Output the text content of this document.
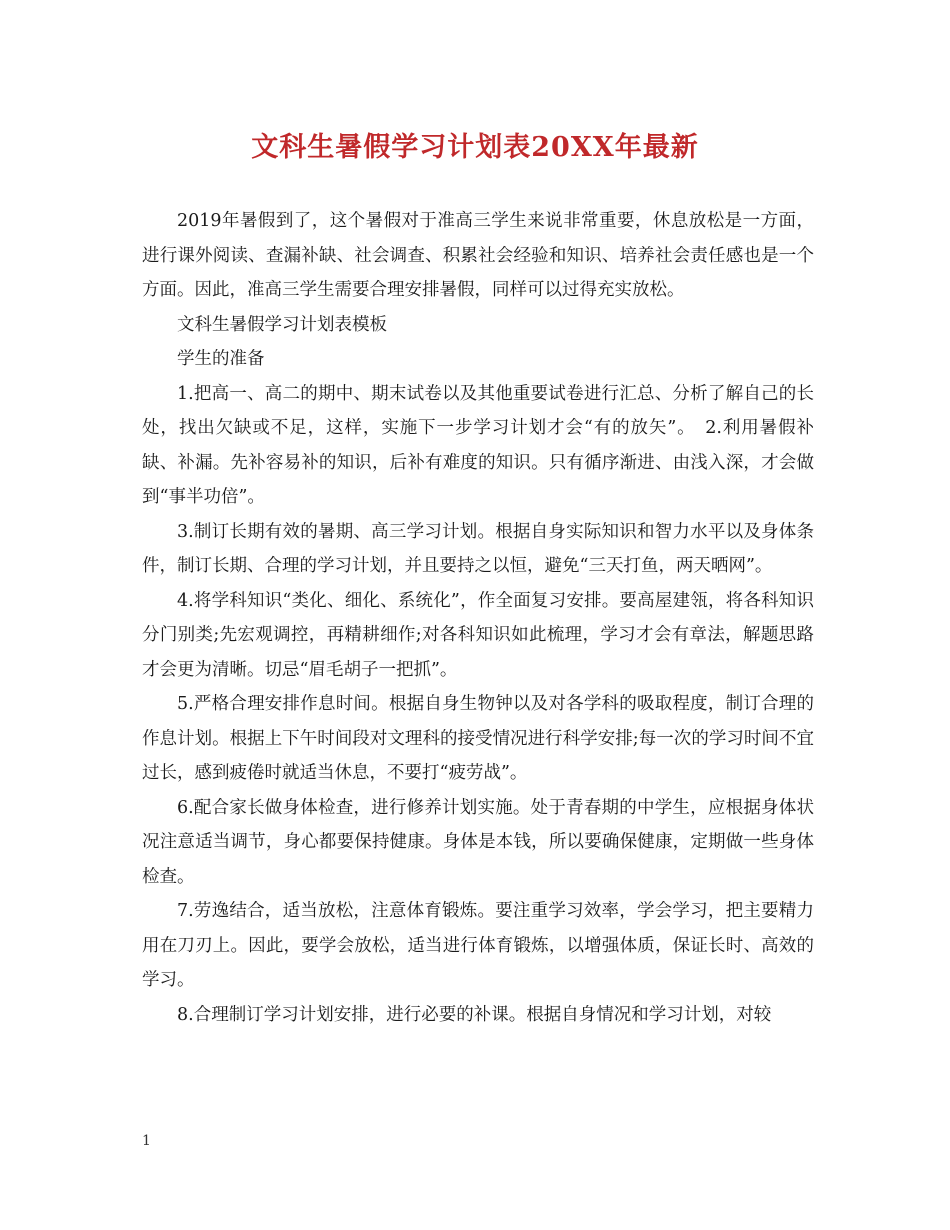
文科生暑假学习计划表20XX年最新

2019年暑假到了，这个暑假对于准高三学生来说非常重要，休息放松是一方面，进行课外阅读、查漏补缺、社会调查、积累社会经验和知识、培养社会责任感也是一个方面。因此，准高三学生需要合理安排暑假，同样可以过得充实放松。

文科生暑假学习计划表模板

学生的准备

1.把高一、高二的期中、期末试卷以及其他重要试卷进行汇总、分析了解自己的长处，找出欠缺或不足，这样，实施下一步学习计划才会“有的放矢”。　2.利用暑假补缺、补漏。先补容易补的知识，后补有难度的知识。只有循序渐进、由浅入深，才会做到“事半功倍”。

3.制订长期有效的暑期、高三学习计划。根据自身实际知识和智力水平以及身体条件，制订长期、合理的学习计划，并且要持之以恒，避免“三天打鱼，两天晒网”。

4.将学科知识“类化、细化、系统化”，作全面复习安排。要高屋建瓴，将各科知识分门别类;先宏观调控，再精耕细作;对各科知识如此梳理，学习才会有章法，解题思路才会更为清晰。切忌“眉毛胡子一把抓”。

5.严格合理安排作息时间。根据自身生物钟以及对各学科的吸取程度，制订合理的作息计划。根据上下午时间段对文理科的接受情况进行科学安排;每一次的学习时间不宜过长，感到疲倦时就适当休息，不要打“疲劳战”。

6.配合家长做身体检查，进行修养计划实施。处于青春期的中学生，应根据身体状况注意适当调节，身心都要保持健康。身体是本钱，所以要确保健康，定期做一些身体检查。

7.劳逸结合，适当放松，注意体育锻炼。要注重学习效率，学会学习，把主要精力用在刀刃上。因此，要学会放松，适当进行体育锻炼，以增强体质，保证长时、高效的学习。

8.合理制订学习计划安排，进行必要的补课。根据自身情况和学习计划，对较

1
